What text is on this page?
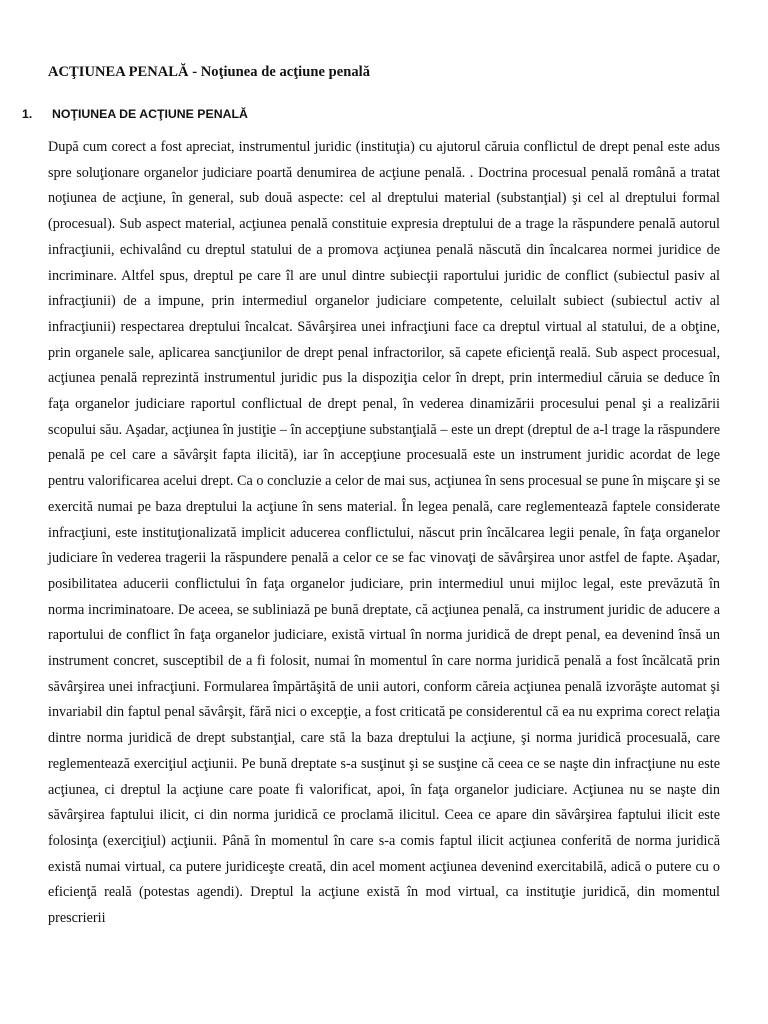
ACŢIUNEA PENALĂ - Noţiunea de acţiune penală

1.	NOŢIUNEA DE ACŢIUNE PENALĂ

După cum corect a fost apreciat, instrumentul juridic (instituţia) cu ajutorul căruia conflictul de drept penal este adus spre soluţionare organelor judiciare poartă denumirea de acţiune penală. . Doctrina procesual penală română a tratat noţiunea de acţiune, în general, sub două aspecte: cel al dreptului material (substanţial) şi cel al dreptului formal (procesual). Sub aspect material, acţiunea penală constituie expresia dreptului de a trage la răspundere penală autorul infracţiunii, echivalând cu dreptul statului de a promova acţiunea penală născută din încalcarea normei juridice de incriminare. Altfel spus, dreptul pe care îl are unul dintre subiecţii raportului juridic de conflict (subiectul pasiv al infracţiunii) de a impune, prin intermediul organelor judiciare competente, celuilalt subiect (subiectul activ al infracţiunii) respectarea dreptului încalcat. Săvârşirea unei infracţiuni face ca dreptul virtual al statului, de a obţine, prin organele sale, aplicarea sancţiunilor de drept penal infractorilor, să capete eficienţă reală. Sub aspect procesual, acţiunea penală reprezintă instrumentul juridic pus la dispoziţia celor în drept, prin intermediul căruia se deduce în faţa organelor judiciare raportul conflictual de drept penal, în vederea dinamizării procesului penal şi a realizării scopului său. Aşadar, acţiunea în justiţie – în accepţiune substanţială – este un drept (dreptul de a-l trage la răspundere penală pe cel care a săvârşit fapta ilicită), iar în accepţiune procesuală este un instrument juridic acordat de lege pentru valorificarea acelui drept. Ca o concluzie a celor de mai sus, acţiunea în sens procesual se pune în mişcare şi se exercită numai pe baza dreptului la acţiune în sens material. În legea penală, care reglementează faptele considerate infracţiuni, este instituţionalizată implicit aducerea conflictului, născut prin încălcarea legii penale, în faţa organelor judiciare în vederea tragerii la răspundere penală a celor ce se fac vinovaţi de săvârşirea unor astfel de fapte. Aşadar, posibilitatea aducerii conflictului în faţa organelor judiciare, prin intermediul unui mijloc legal, este prevăzută în norma incriminatoare. De aceea, se subliniază pe bună dreptate, că acţiunea penală, ca instrument juridic de aducere a raportului de conflict în faţa organelor judiciare, există virtual în norma juridică de drept penal, ea devenind însă un instrument concret, susceptibil de a fi folosit, numai în momentul în care norma juridică penală a fost încălcată prin săvârşirea unei infracţiuni. Formularea împărtăşită de unii autori, conform căreia acţiunea penală izvorăşte automat şi invariabil din faptul penal săvârşit, fără nici o excepţie, a fost criticată pe considerentul că ea nu exprima corect relaţia dintre norma juridică de drept substanţial, care stă la baza dreptului la acţiune, şi norma juridică procesuală, care reglementează exerciţiul acţiunii. Pe bună dreptate s-a susţinut şi se susţine că ceea ce se naşte din infracţiune nu este acţiunea, ci dreptul la acţiune care poate fi valorificat, apoi, în faţa organelor judiciare. Acţiunea nu se naşte din săvârşirea faptului ilicit, ci din norma juridică ce proclamă ilicitul. Ceea ce apare din săvârşirea faptului ilicit este folosinţa (exerciţiul) acţiunii. Până în momentul în care s-a comis faptul ilicit acţiunea conferită de norma juridică există numai virtual, ca putere juridiceşte creată, din acel moment acţiunea devenind exercitabilă, adică o putere cu o eficienţă reală (potestas agendi). Dreptul la acţiune există în mod virtual, ca instituţie juridică, din momentul prescrierii
